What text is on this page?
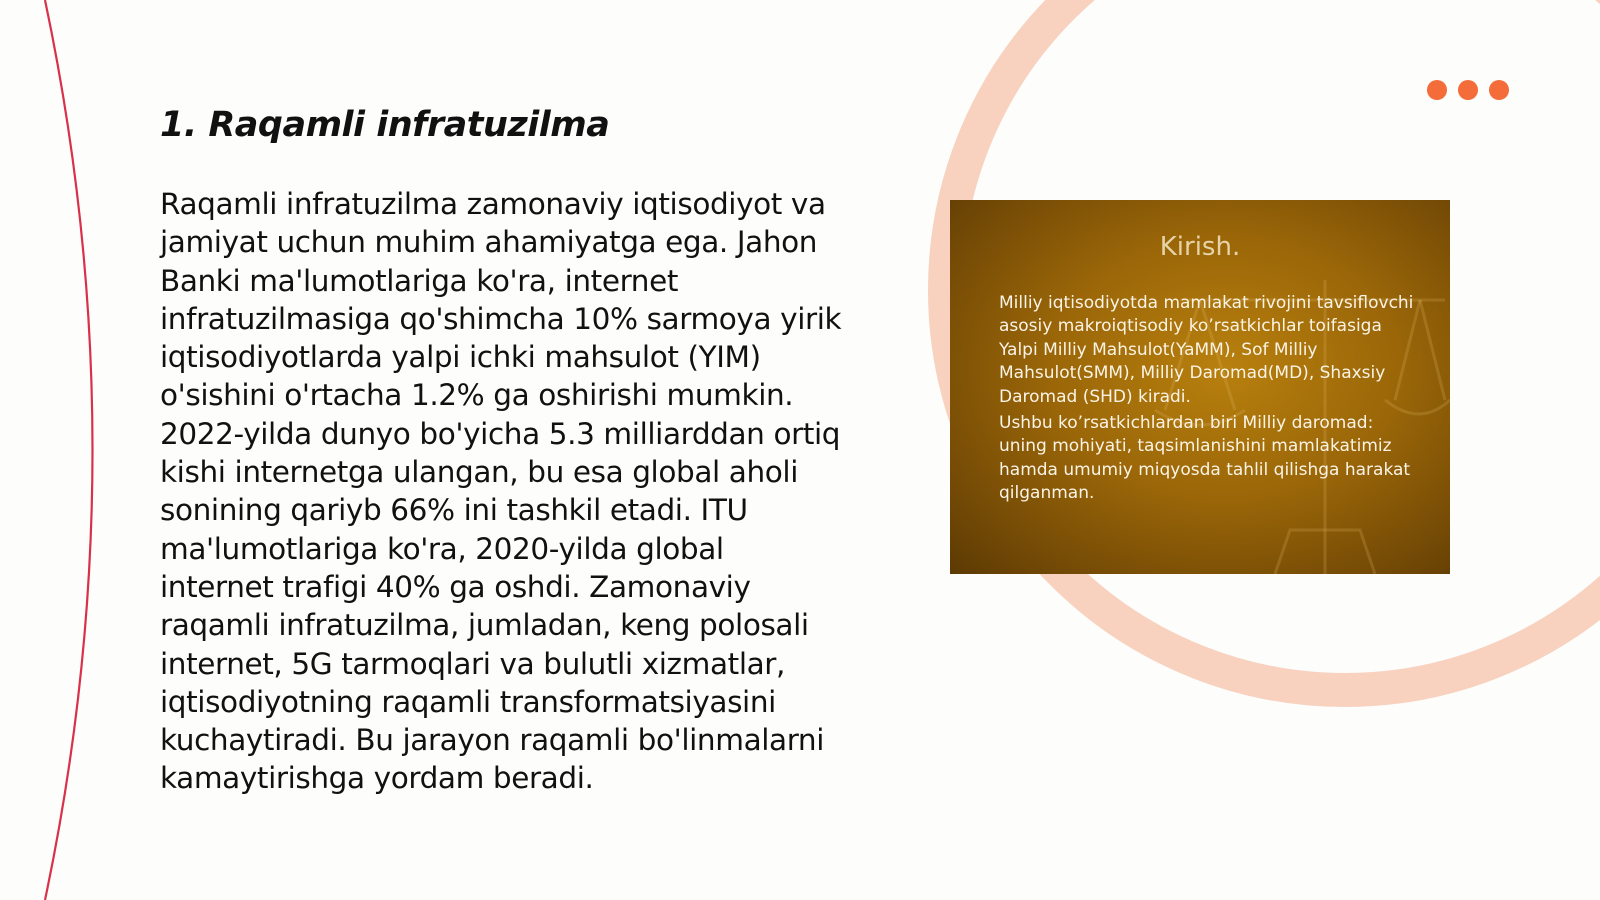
1. Raqamli infratuzilma

Raqamli infratuzilma zamonaviy iqtisodiyot va jamiyat uchun muhim ahamiyatga ega. Jahon Banki ma'lumotlariga ko'ra, internet infratuzilmasiga qo'shimcha 10% sarmoya yirik iqtisodiyotlarda yalpi ichki mahsulot (YIM) o'sishini o'rtacha 1.2% ga oshirishi mumkin. 2022-yilda dunyo bo'yicha 5.3 milliarddan ortiq kishi internetga ulangan, bu esa global aholi sonining qariyb 66% ini tashkil etadi. ITU ma'lumotlariga ko'ra, 2020-yilda global internet trafigi 40% ga oshdi. Zamonaviy raqamli infratuzilma, jumladan, keng polosali internet, 5G tarmoqlari va bulutli xizmatlar, iqtisodiyotning raqamli transformatsiyasini kuchaytiradi. Bu jarayon raqamli bo'linmalarni kamaytirishga yordam beradi.

Kirish.

Milliy iqtisodiyotda mamlakat rivojini tavsiflovchi asosiy makroiqtisodiy ko’rsatkichlar toifasiga Yalpi Milliy Mahsulot(YaMM), Sof Milliy Mahsulot(SMM), Milliy Daromad(MD), Shaxsiy Daromad (SHD) kiradi.

Ushbu ko’rsatkichlardan biri Milliy daromad: uning mohiyati, taqsimlanishini mamlakatimiz hamda umumiy miqyosda tahlil qilishga harakat qilganman.
